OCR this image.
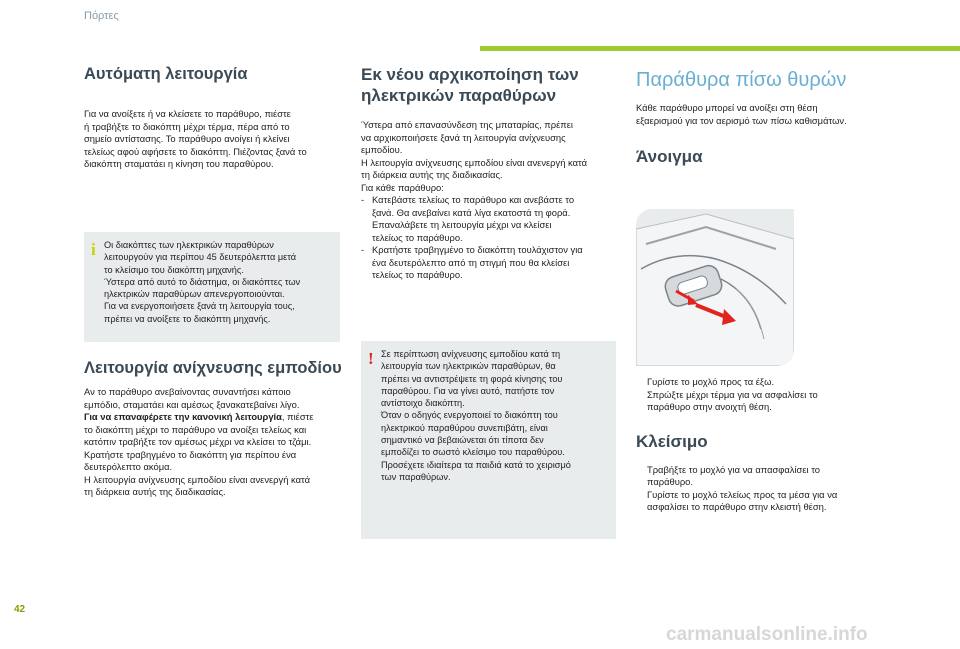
Πόρτες
Αυτόματη λειτουργία

Για να ανοίξετε ή να κλείσετε το παράθυρο, πιέστε
ή τραβήξτε το διακόπτη μέχρι τέρμα, πέρα από το
σημείο αντίστασης. Το παράθυρο ανοίγει ή κλείνει
τελείως αφού αφήσετε το διακόπτη. Πιέζοντας ξανά το
διακόπτη σταματάει η κίνηση του παραθύρου.

i Οι διακόπτες των ηλεκτρικών παραθύρων
λειτουργούν για περίπου 45 δευτερόλεπτα μετά
το κλείσιμο του διακόπτη μηχανής.
Ύστερα από αυτό το διάστημα, οι διακόπτες των
ηλεκτρικών παραθύρων απενεργοποιούνται.
Για να ενεργοποιήσετε ξανά τη λειτουργία τους,
πρέπει να ανοίξετε το διακόπτη μηχανής.

Λειτουργία ανίχνευσης εμποδίου

Αν το παράθυρο ανεβαίνοντας συναντήσει κάποιο
εμπόδιο, σταματάει και αμέσως ξανακατεβαίνει λίγο.
Για να επαναφέρετε την κανονική λειτουργία, πιέστε
το διακόπτη μέχρι το παράθυρο να ανοίξει τελείως και
κατόπιν τραβήξτε τον αμέσως μέχρι να κλείσει το τζάμι.
Κρατήστε τραβηγμένο το διακόπτη για περίπου ένα
δευτερόλεπτο ακόμα.
Η λειτουργία ανίχνευσης εμποδίου είναι ανενεργή κατά
τη διάρκεια αυτής της διαδικασίας.

Εκ νέου αρχικοποίηση των
ηλεκτρικών παραθύρων

Ύστερα από επανασύνδεση της μπαταρίας, πρέπει
να αρχικοποιήσετε ξανά τη λειτουργία ανίχνευσης
εμποδίου.
Η λειτουργία ανίχνευσης εμποδίου είναι ανενεργή κατά
τη διάρκεια αυτής της διαδικασίας.
Για κάθε παράθυρο:

- Κατεβάστε τελείως το παράθυρο και ανεβάστε το
ξανά. Θα ανεβαίνει κατά λίγα εκατοστά τη φορά.
Επαναλάβετε τη λειτουργία μέχρι να κλείσει
τελείως το παράθυρο.
- Κρατήστε τραβηγμένο το διακόπτη τουλάχιστον για
ένα δευτερόλεπτο από τη στιγμή που θα κλείσει
τελείως το παράθυρο.
! Σε περίπτωση ανίχνευσης εμποδίου κατά τη
λειτουργία των ηλεκτρικών παραθύρων, θα
πρέπει να αντιστρέψετε τη φορά κίνησης του
παραθύρου. Για να γίνει αυτό, πατήστε τον
αντίστοιχο διακόπτη.
Όταν ο οδηγός ενεργοποιεί το διακόπτη του
ηλεκτρικού παραθύρου συνεπιβάτη, είναι
σημαντικό να βεβαιώνεται ότι τίποτα δεν
εμποδίζει το σωστό κλείσιμο του παραθύρου.
Προσέχετε ιδιαίτερα τα παιδιά κατά το χειρισμό
των παραθύρων.

Παράθυρα πίσω θυρών

Κάθε παράθυρο μπορεί να ανοίξει στη θέση
εξαερισμού για τον αερισμό των πίσω καθισμάτων.

Άνοιγμα
Γυρίστε το μοχλό προς τα έξω.
Σπρώξτε μέχρι τέρμα για να ασφαλίσει το
παράθυρο στην ανοιχτή θέση.
Κλείσιμο
Τραβήξτε το μοχλό για να απασφαλίσει το
παράθυρο.
Γυρίστε το μοχλό τελείως προς τα μέσα για να
ασφαλίσει το παράθυρο στην κλειστή θέση.
42
carmanualsonline.info
